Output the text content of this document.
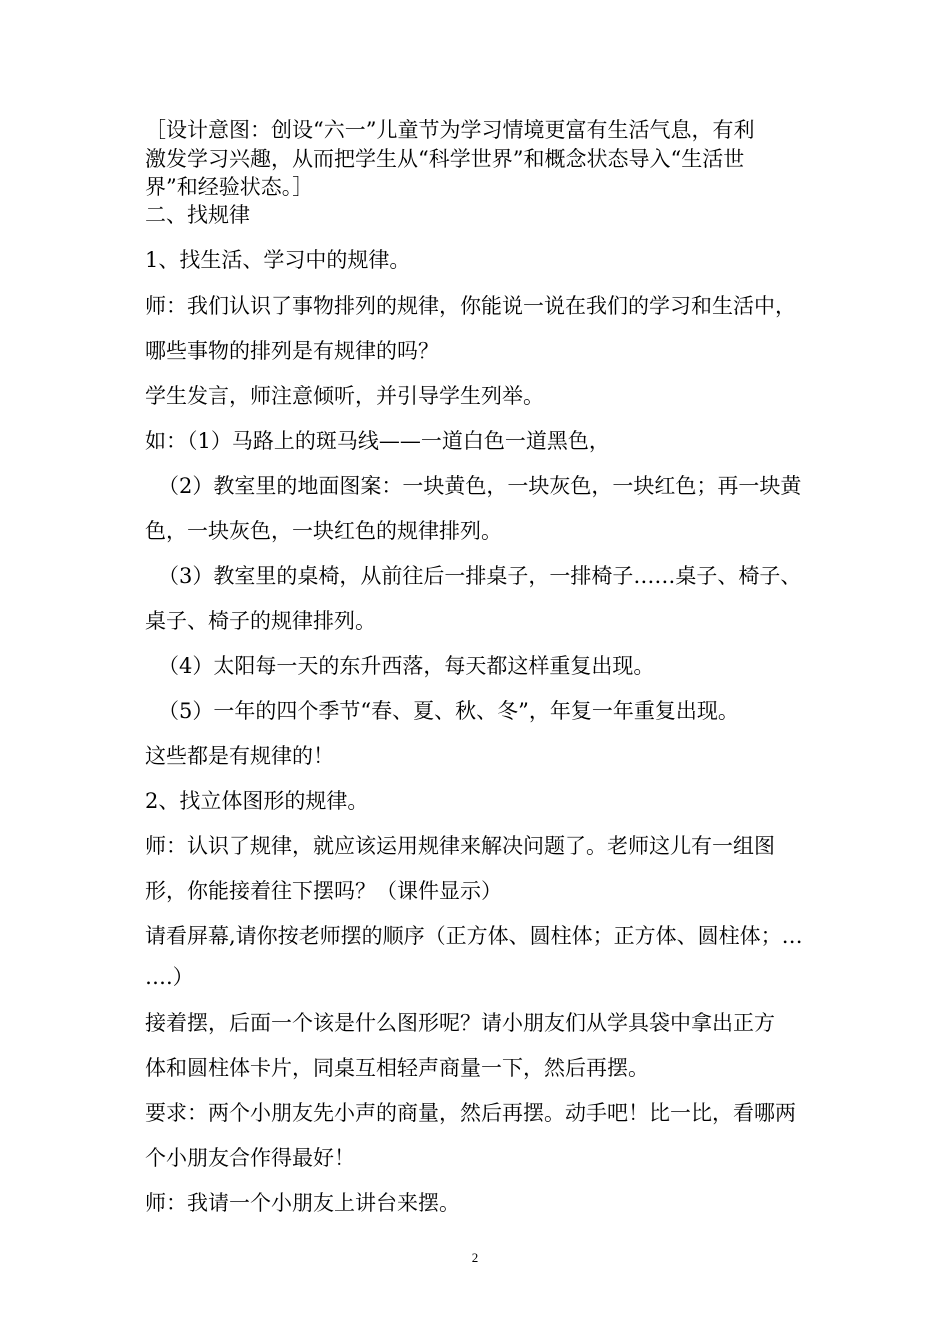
［设计意图：创设“六一”儿童节为学习情境更富有生活气息，有利
激发学习兴趣，从而把学生从“科学世界”和概念状态导入“生活世
界”和经验状态。］
二、找规律
1、找生活、学习中的规律。
师：我们认识了事物排列的规律，你能说一说在我们的学习和生活中，
哪些事物的排列是有规律的吗？
学生发言，师注意倾听，并引导学生列举。
如：（1）马路上的斑马线——一道白色一道黑色，
（2）教室里的地面图案：一块黄色，一块灰色，一块红色；再一块黄
色，一块灰色，一块红色的规律排列。
（3）教室里的桌椅，从前往后一排桌子，一排椅子……桌子、椅子、
桌子、椅子的规律排列。
（4）太阳每一天的东升西落，每天都这样重复出现。
（5）一年的四个季节“春、夏、秋、冬”，年复一年重复出现。
这些都是有规律的！
2、找立体图形的规律。
师：认识了规律，就应该运用规律来解决问题了。老师这儿有一组图
形，你能接着往下摆吗？（课件显示）
请看屏幕,请你按老师摆的顺序（正方体、圆柱体；正方体、圆柱体；…
….）
接着摆，后面一个该是什么图形呢？请小朋友们从学具袋中拿出正方
体和圆柱体卡片，同桌互相轻声商量一下，然后再摆。
要求：两个小朋友先小声的商量，然后再摆。动手吧！比一比，看哪两
个小朋友合作得最好！
师：我请一个小朋友上讲台来摆。
2
